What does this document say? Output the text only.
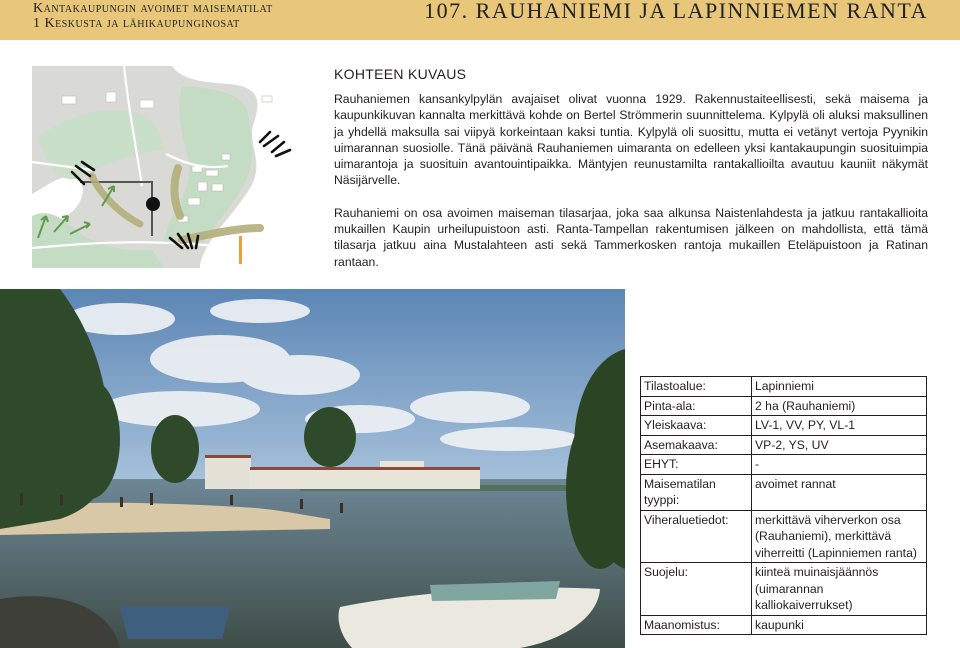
Kantakaupungin avoimet maisematilat
1 Keskusta ja lähikaupunginosat
107. RAUHANIEMI JA LAPINNIEMEN RANTA
KOHTEEN KUVAUS

Rauhaniemen kansankylpylän avajaiset olivat vuonna 1929. Rakennustaiteellisesti, sekä maisema ja kaupunkikuvan kannalta merkittävä kohde on Bertel Strömmerin suunnittelema. Kylpylä oli aluksi maksullinen ja yhdellä maksulla sai viipyä korkeintaan kaksi tuntia. Kylpylä oli suosittu, mutta ei vetänyt vertoja Pyynikin uimarannan suosiolle. Tänä päivänä Rauhaniemen uimaranta on edelleen yksi kantakaupungin suosituimpia uimarantoja ja suosituin avantouintipaikka. Mäntyjen reunustamilta rantakallioilta avautuu kauniit näkymät Näsijärvelle.

Rauhaniemi on osa avoimen maiseman tilasarjaa, joka saa alkunsa Naistenlahdesta ja jatkuu rantakallioita mukaillen Kaupin urheilupuistoon asti. Ranta-Tampellan rakentumisen jälkeen on mahdollista, että tämä tilasarja jatkuu aina Mustalahteen asti sekä Tammerkosken rantoja mukaillen Eteläpuistoon ja Ratinan rantaan.

Tilastoalue:	Lapinniemi
Pinta-ala:	2 ha (Rauhaniemi)
Yleiskaava:	LV-1, VV, PY, VL-1
Asemakaava:	VP-2, YS, UV
EHYT:	-
Maisematilan tyyppi:	avoimet rannat
Viheraluetiedot:	merkittävä viherverkon osa (Rauhaniemi), merkittävä viherreitti (Lapinniemen ranta)
Suojelu:	kiinteä muinaisjäännös (uimarannan kalliokaiverrukset)
Maanomistus:	kaupunki
